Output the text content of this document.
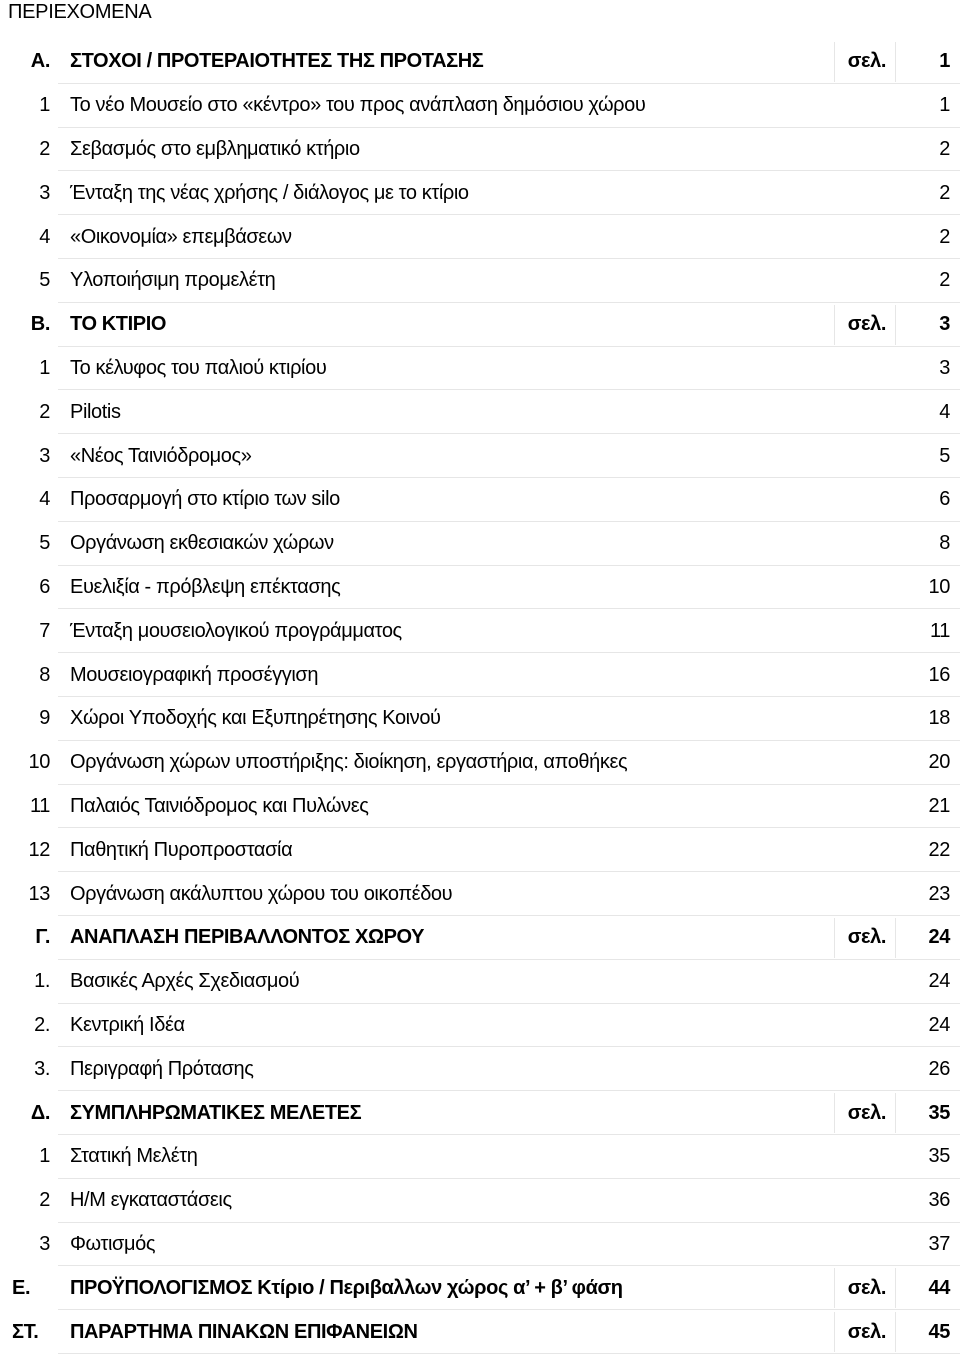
ΠΕΡΙΕΧΟΜΕΝΑ
Α. ΣΤΟΧΟΙ / ΠΡΟΤΕΡΑΙΟΤΗΤΕΣ ΤΗΣ ΠΡΟΤΑΣΗΣ	σελ.	1
1 Το νέο Μουσείο στο «κέντρο» του προς ανάπλαση δημόσιου χώρου	1
2 Σεβασμός στο εμβληματικό κτήριο	2
3 Ένταξη της νέας χρήσης / διάλογος με το κτίριο	2
4 «Οικονομία» επεμβάσεων	2
5 Υλοποιήσιμη προμελέτη	2
Β. ΤΟ ΚΤΙΡΙΟ	σελ.	3
1 Το κέλυφος του παλιού κτιρίου	3
2 Pilotis	4
3 «Νέος Ταινιόδρομος»	5
4 Προσαρμογή στο κτίριο των silo	6
5 Οργάνωση εκθεσιακών χώρων	8
6 Ευελιξία - πρόβλεψη επέκτασης	10
7 Ένταξη μουσειολογικού προγράμματος	11
8 Μουσειογραφική προσέγγιση	16
9 Χώροι Υποδοχής και Εξυπηρέτησης Κοινού	18
10 Οργάνωση χώρων υποστήριξης: διοίκηση, εργαστήρια, αποθήκες	20
11 Παλαιός Ταινιόδρομος και Πυλώνες	21
12 Παθητική Πυροπροστασία	22
13 Οργάνωση ακάλυπτου χώρου του οικοπέδου	23
Γ. ΑΝΑΠΛΑΣΗ ΠΕΡΙΒΑΛΛΟΝΤΟΣ ΧΩΡΟΥ	σελ.	24
1. Βασικές Αρχές Σχεδιασμού	24
2. Κεντρική Ιδέα	24
3. Περιγραφή Πρότασης	26
Δ. ΣΥΜΠΛΗΡΩΜΑΤΙΚΕΣ ΜΕΛΕΤΕΣ	σελ.	35
1 Στατική Μελέτη	35
2 Η/Μ εγκαταστάσεις	36
3 Φωτισμός	37
Ε.	ΠΡΟΫΠΟΛΟΓΙΣΜΟΣ Κτίριο / Περιβαλλων χώρος α’ + β’ φάση	σελ.	44
ΣΤ.	ΠΑΡΑΡΤΗΜΑ ΠΙΝΑΚΩΝ ΕΠΙΦΑΝΕΙΩΝ	σελ.	45
